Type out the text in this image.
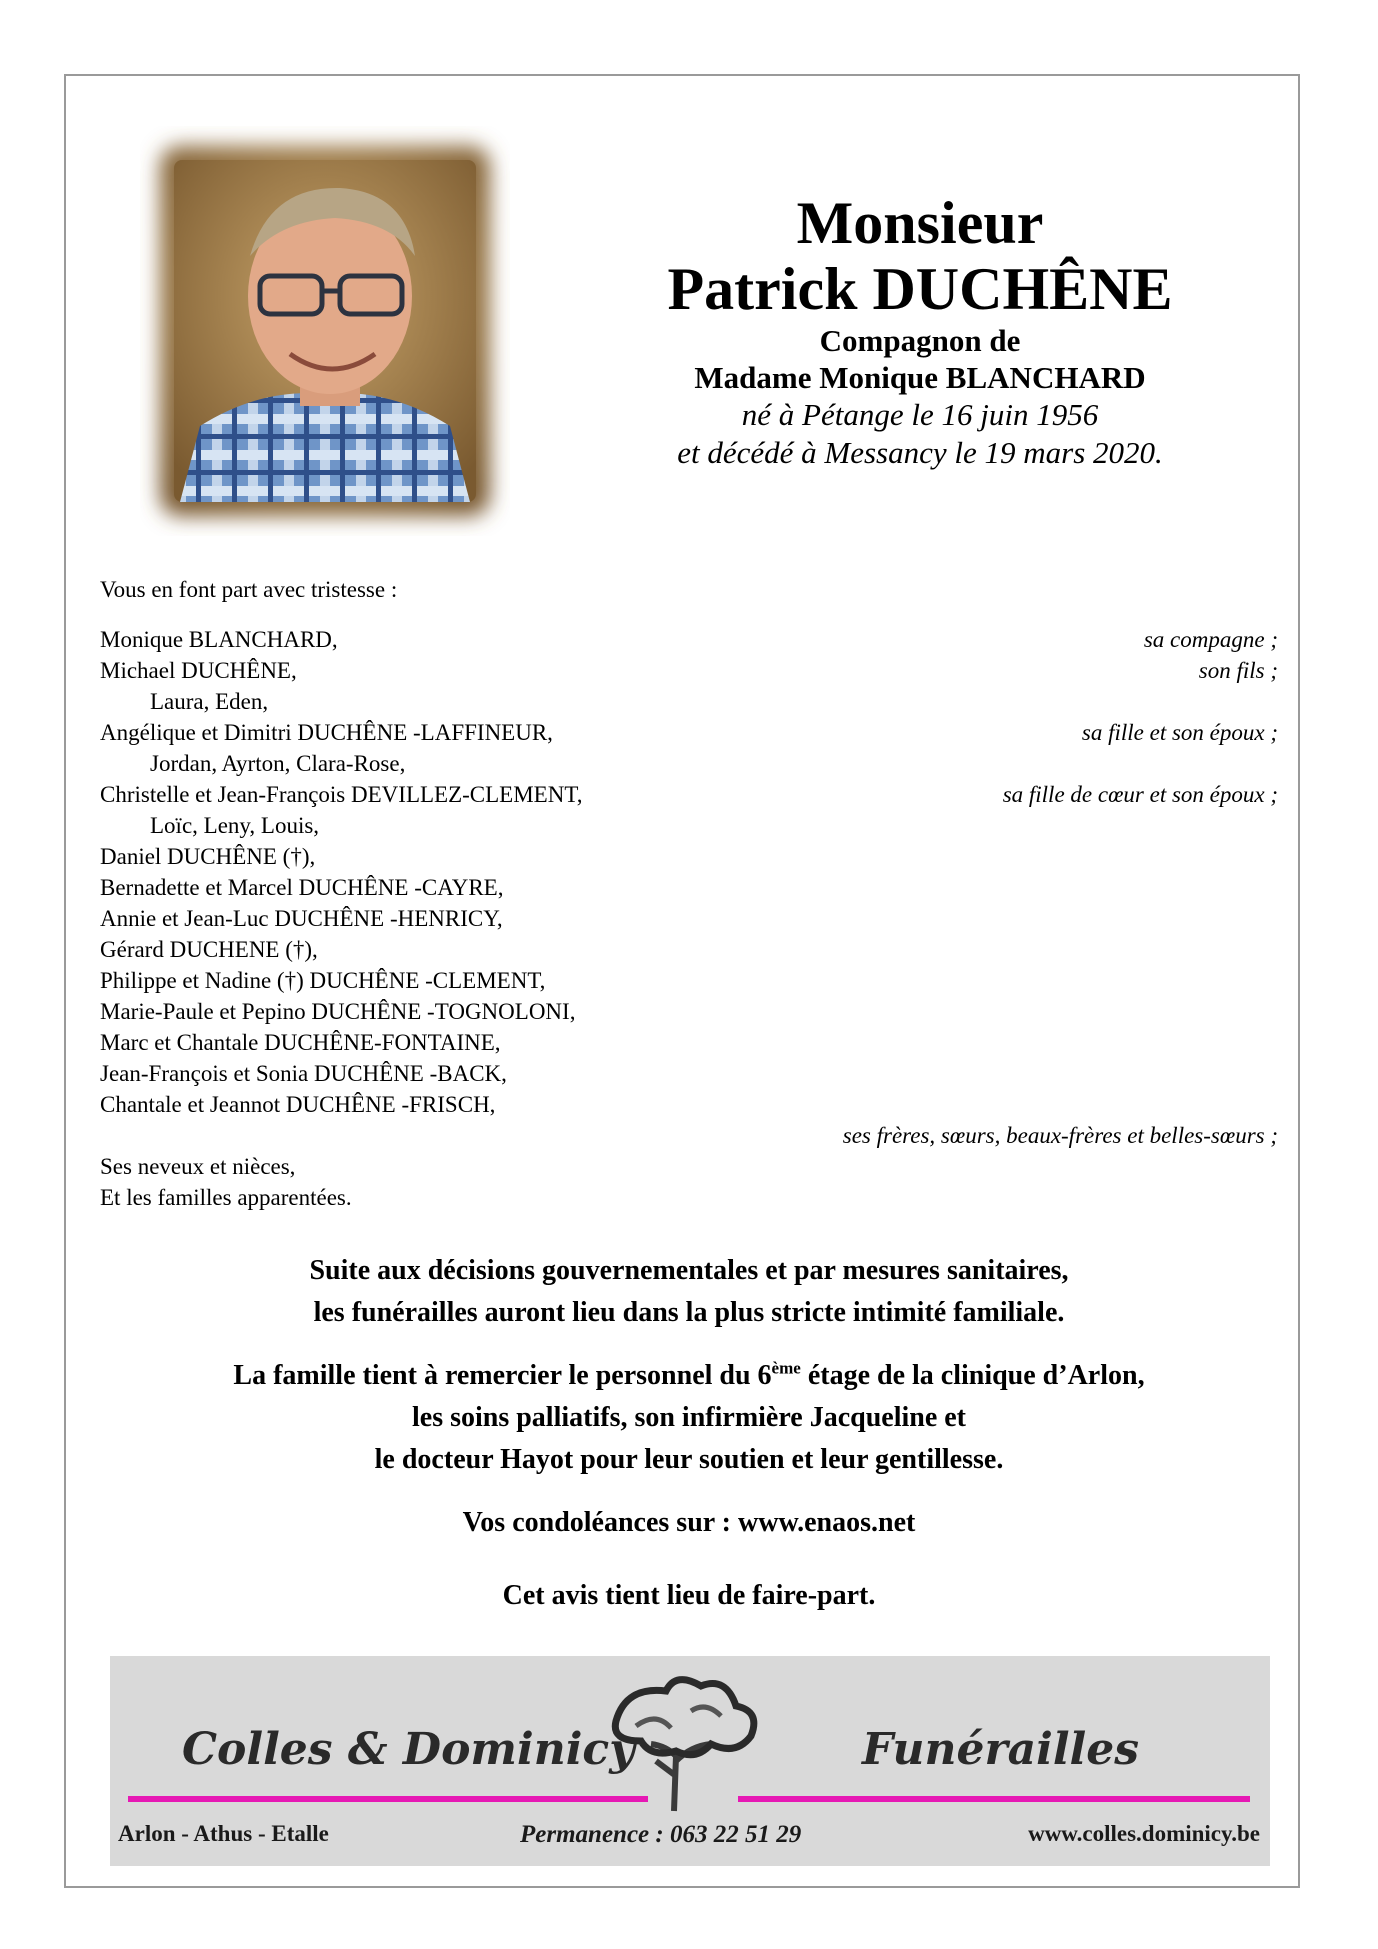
Monsieur
Patrick DUCHÊNE
Compagnon de
Madame Monique BLANCHARD
né à Pétange le 16 juin 1956
et décédé à Messancy le 19 mars 2020.
Vous en font part avec tristesse :
Monique BLANCHARD,	sa compagne ;
Michael DUCHÊNE,	son fils ;
Laura, Eden,
Angélique et Dimitri DUCHÊNE -LAFFINEUR,	sa fille et son époux ;
Jordan, Ayrton, Clara-Rose,
Christelle et Jean-François DEVILLEZ-CLEMENT,	sa fille de cœur et son époux ;
Loïc, Leny, Louis,
Daniel DUCHÊNE (†),
Bernadette et Marcel DUCHÊNE -CAYRE,
Annie et Jean-Luc DUCHÊNE -HENRICY,
Gérard DUCHENE (†),
Philippe et Nadine (†) DUCHÊNE -CLEMENT,
Marie-Paule et Pepino DUCHÊNE -TOGNOLONI,
Marc et Chantale DUCHÊNE-FONTAINE,
Jean-François et Sonia DUCHÊNE -BACK,
Chantale et Jeannot DUCHÊNE -FRISCH,
ses frères, sœurs, beaux-frères et belles-sœurs ;
Ses neveux et nièces,
Et les familles apparentées.
Suite aux décisions gouvernementales et par mesures sanitaires,
les funérailles auront lieu dans la plus stricte intimité familiale.
La famille tient à remercier le personnel du 6ème étage de la clinique d’Arlon,
les soins palliatifs, son infirmière Jacqueline et
le docteur Hayot pour leur soutien et leur gentillesse.
Vos condoléances sur : www.enaos.net
Cet avis tient lieu de faire-part.
Colles & Dominicy	Funérailles
Arlon - Athus - Etalle	Permanence : 063 22 51 29	www.colles.dominicy.be
